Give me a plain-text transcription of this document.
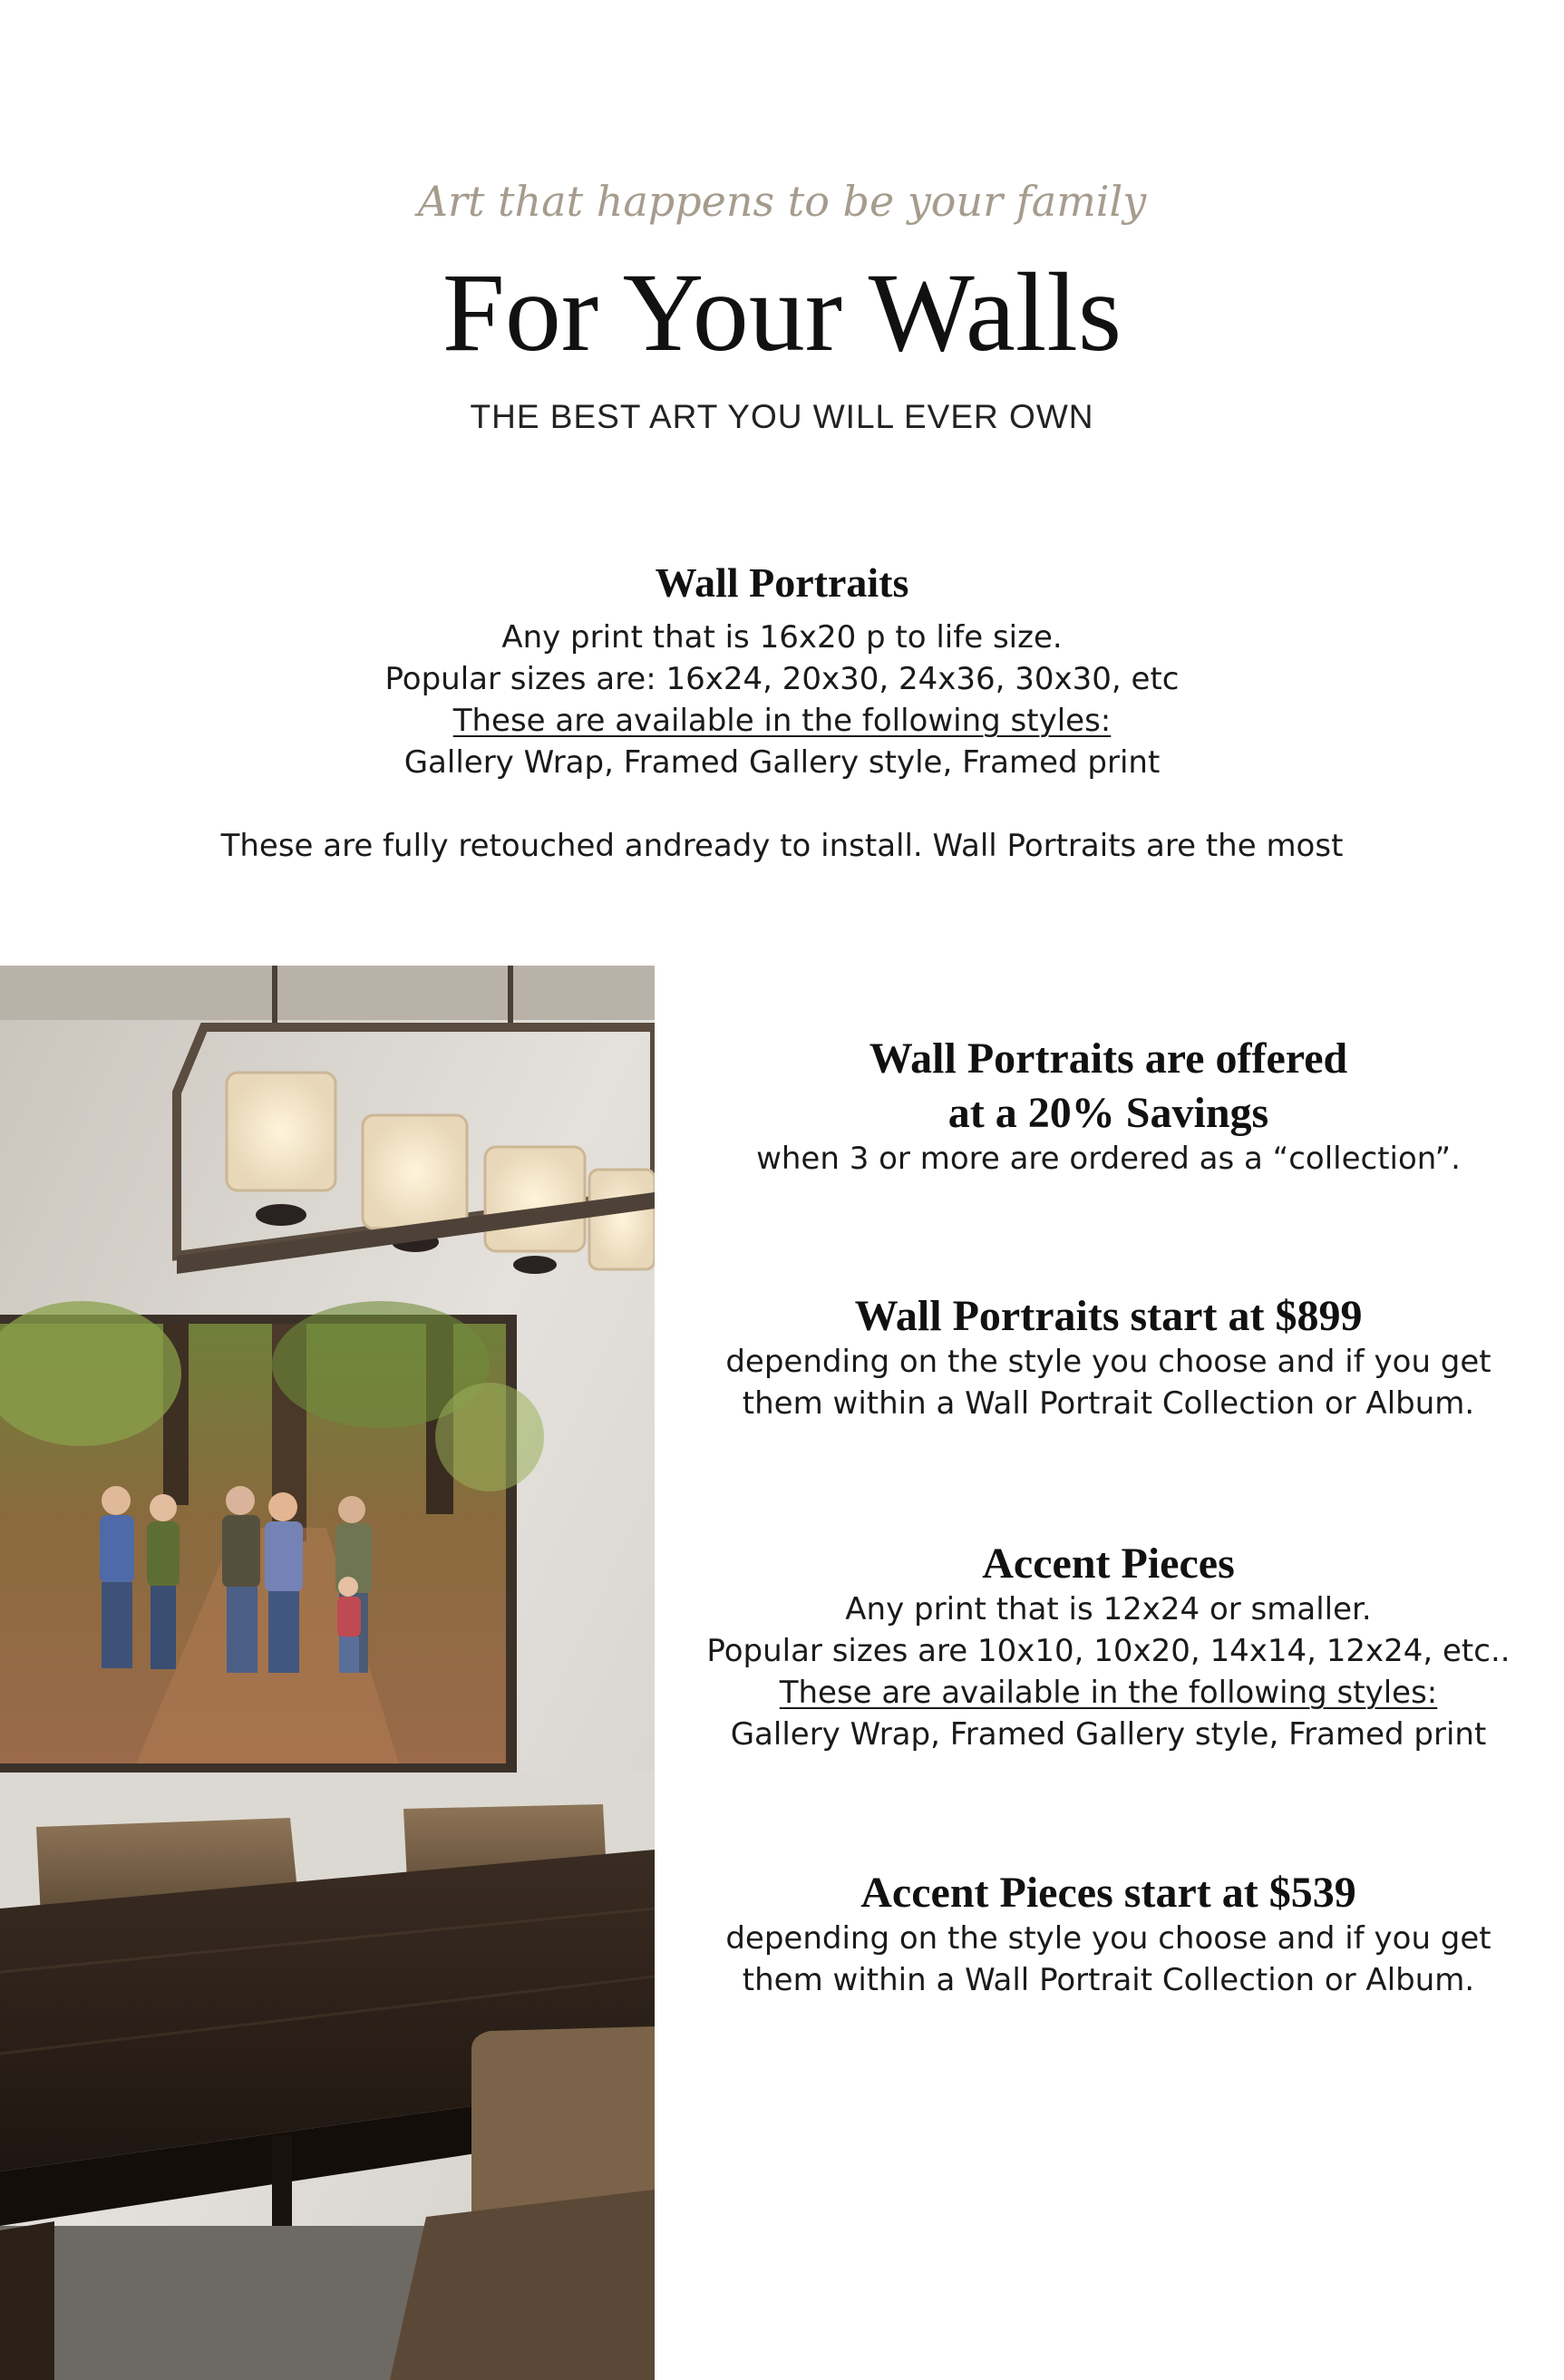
Art that happens to be your family
For Your Walls
THE BEST ART YOU WILL EVER OWN
Wall Portraits
Any print that is 16x20 p to life size.
Popular sizes are: 16x24, 20x30, 24x36, 30x30, etc
These are available in the following styles:
Gallery Wrap, Framed Gallery style, Framed print
These are fully retouched andready to install. Wall Portraits are the most
Wall Portraits are offered
at a 20% Savings
when 3 or more are ordered as a “collection”.
Wall Portraits start at $899
depending on the style you choose and if you get
them within a Wall Portrait Collection or Album.
Accent Pieces
Any print that is 12x24 or smaller.
Popular sizes are 10x10, 10x20, 14x14, 12x24, etc..
These are available in the following styles:
Gallery Wrap, Framed Gallery style, Framed print
Accent Pieces start at $539
depending on the style you choose and if you get
them within a Wall Portrait Collection or Album.
